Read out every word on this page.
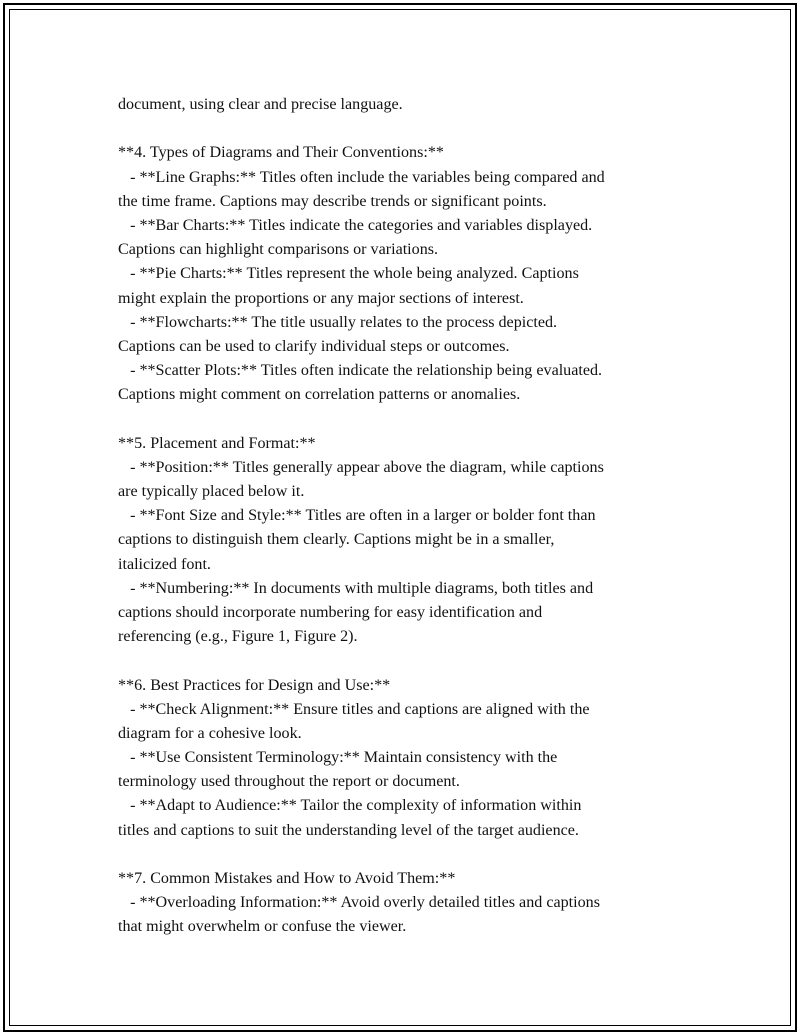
document, using clear and precise language.
**4. Types of Diagrams and Their Conventions:**
- **Line Graphs:** Titles often include the variables being compared and
the time frame. Captions may describe trends or significant points.
- **Bar Charts:** Titles indicate the categories and variables displayed.
Captions can highlight comparisons or variations.
- **Pie Charts:** Titles represent the whole being analyzed. Captions
might explain the proportions or any major sections of interest.
- **Flowcharts:** The title usually relates to the process depicted.
Captions can be used to clarify individual steps or outcomes.
- **Scatter Plots:** Titles often indicate the relationship being evaluated.
Captions might comment on correlation patterns or anomalies.
**5. Placement and Format:**
- **Position:** Titles generally appear above the diagram, while captions
are typically placed below it.
- **Font Size and Style:** Titles are often in a larger or bolder font than
captions to distinguish them clearly. Captions might be in a smaller,
italicized font.
- **Numbering:** In documents with multiple diagrams, both titles and
captions should incorporate numbering for easy identification and
referencing (e.g., Figure 1, Figure 2).
**6. Best Practices for Design and Use:**
- **Check Alignment:** Ensure titles and captions are aligned with the
diagram for a cohesive look.
- **Use Consistent Terminology:** Maintain consistency with the
terminology used throughout the report or document.
- **Adapt to Audience:** Tailor the complexity of information within
titles and captions to suit the understanding level of the target audience.
**7. Common Mistakes and How to Avoid Them:**
- **Overloading Information:** Avoid overly detailed titles and captions
that might overwhelm or confuse the viewer.
